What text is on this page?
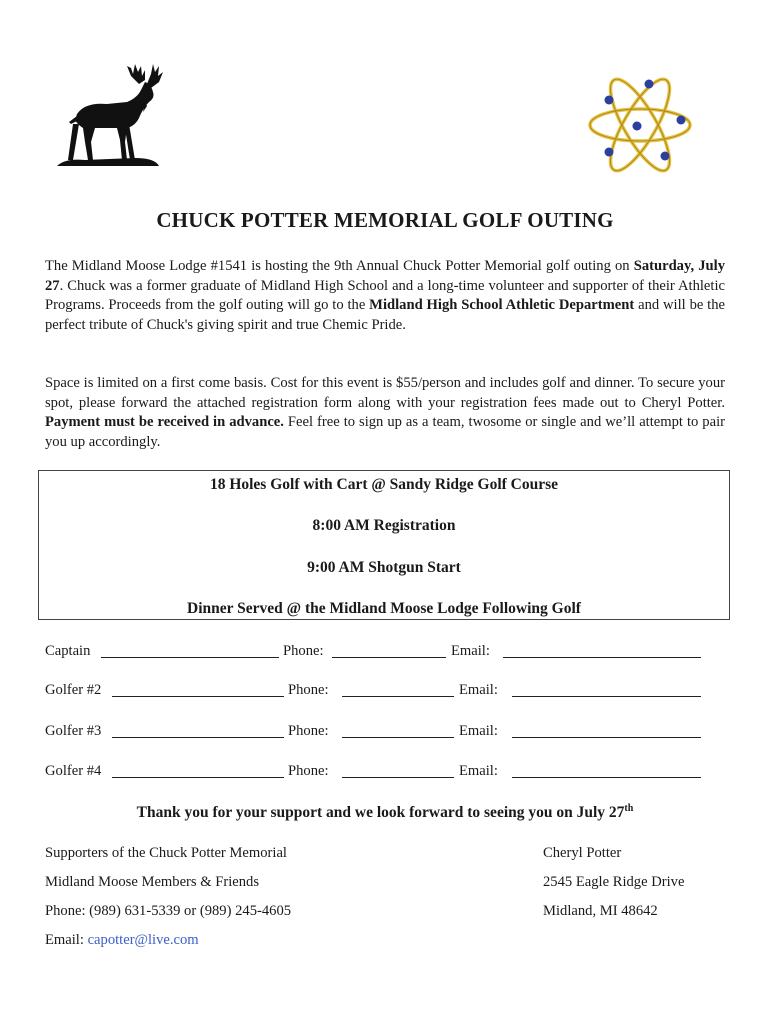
CHUCK POTTER MEMORIAL GOLF OUTING

The Midland Moose Lodge #1541 is hosting the 9th Annual Chuck Potter Memorial golf outing on Saturday, July 27. Chuck was a former graduate of Midland High School and a long-time volunteer and supporter of their Athletic Programs. Proceeds from the golf outing will go to the Midland High School Athletic Department and will be the perfect tribute of Chuck's giving spirit and true Chemic Pride.

Space is limited on a first come basis. Cost for this event is $55/person and includes golf and dinner. To secure your spot, please forward the attached registration form along with your registration fees made out to Cheryl Potter. Payment must be received in advance. Feel free to sign up as a team, twosome or single and we’ll attempt to pair you up accordingly.

18 Holes Golf with Cart @ Sandy Ridge Golf Course
8:00 AM Registration
9:00 AM Shotgun Start
Dinner Served @ the Midland Moose Lodge Following Golf
Captain	Phone:	Email:
Golfer #2	Phone:	Email:
Golfer #3	Phone:	Email:
Golfer #4	Phone:	Email:
Thank you for your support and we look forward to seeing you on July 27th
Supporters of the Chuck Potter Memorial
Midland Moose Members & Friends
Phone: (989) 631-5339 or (989) 245-4605
Email: capotter@live.com
Cheryl Potter
2545 Eagle Ridge Drive
Midland, MI 48642
